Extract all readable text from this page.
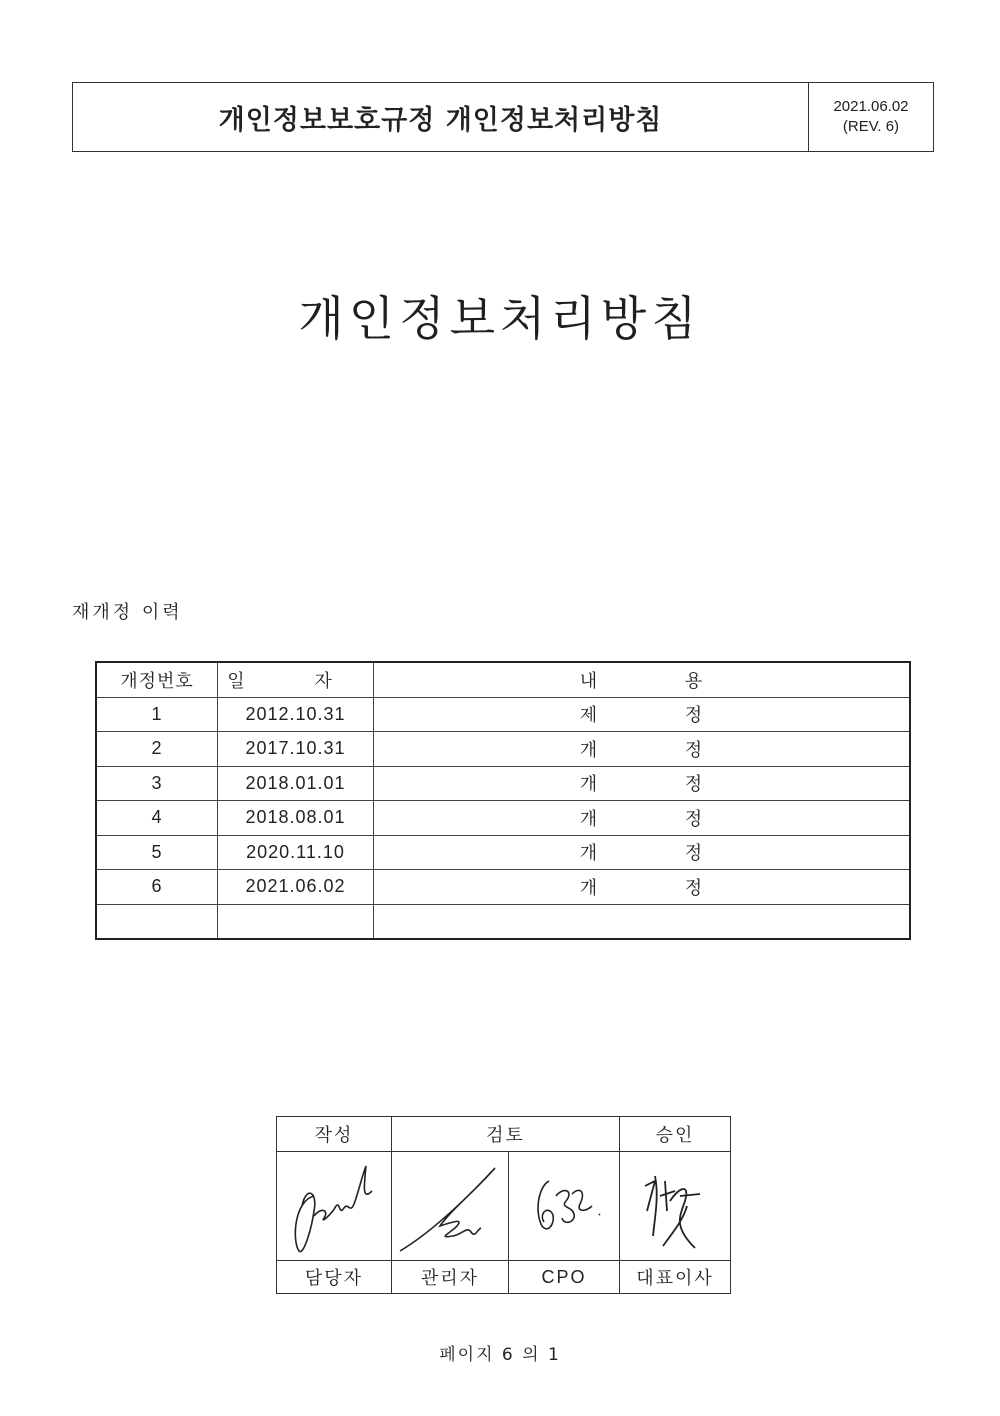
개인정보보호규정 개인정보처리방침	2021.06.02
(REV. 6)
개인정보처리방침
재개정 이력
개정번호	일 자	내 용

1	2012.10.31	제 정

2	2017.10.31	개 정

3	2018.01.01	개 정

4	2018.08.01	개 정

5	2020.11.10	개 정

6	2021.06.02	개 정

작성	검토		승인

담당자	관리자	CPO	대표이사
페이지 6 의 1
